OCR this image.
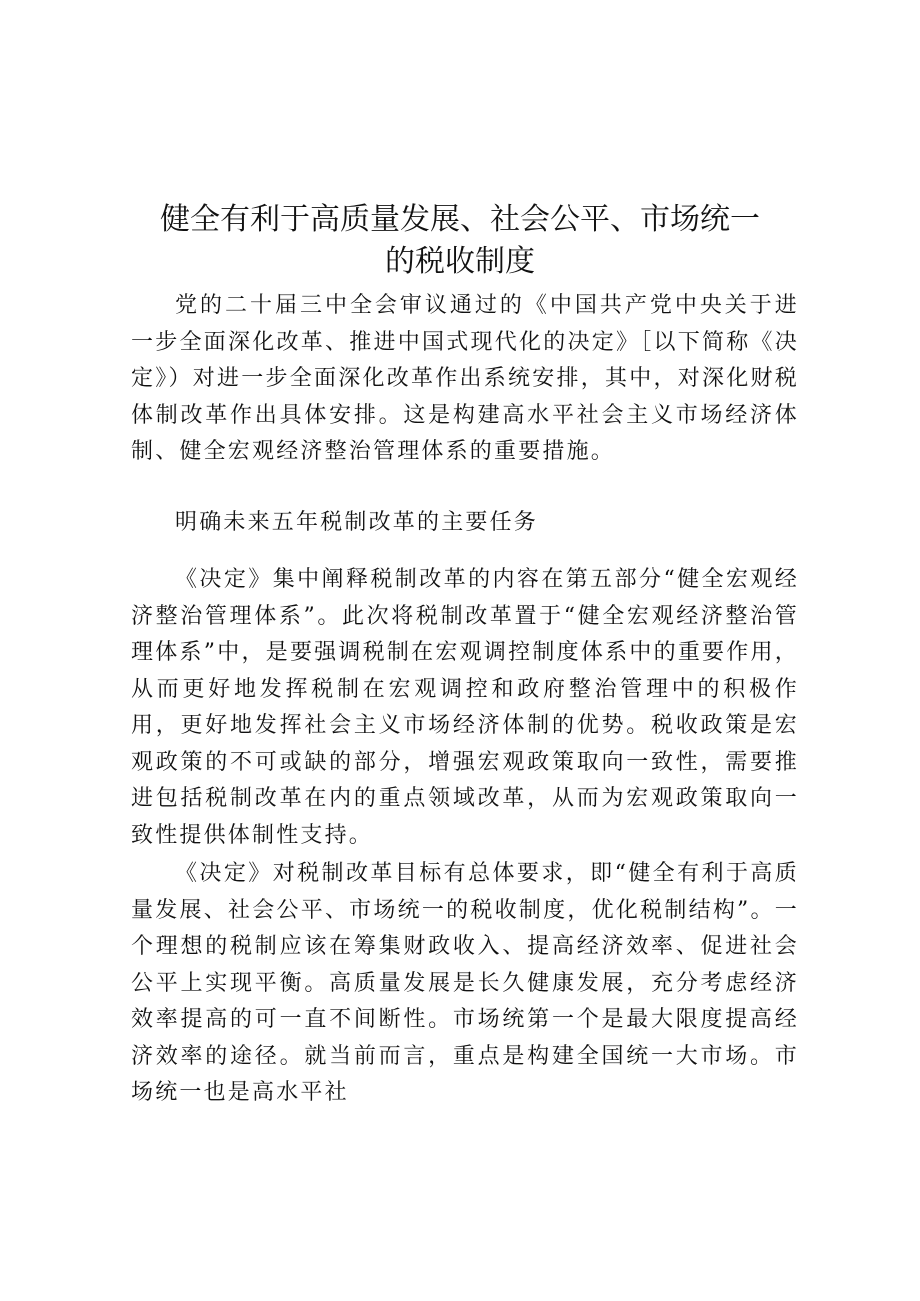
健全有利于高质量发展、社会公平、市场统一
的税收制度

党的二十届三中全会审议通过的《中国共产党中央关于进一步全面深化改革、推进中国式现代化的决定》［以下简称《决定》）对进一步全面深化改革作出系统安排，其中，对深化财税体制改革作出具体安排。这是构建高水平社会主义市场经济体制、健全宏观经济整治管理体系的重要措施。

明确未来五年税制改革的主要任务

《决定》集中阐释税制改革的内容在第五部分“健全宏观经济整治管理体系”。此次将税制改革置于“健全宏观经济整治管理体系”中，是要强调税制在宏观调控制度体系中的重要作用，从而更好地发挥税制在宏观调控和政府整治管理中的积极作用，更好地发挥社会主义市场经济体制的优势。税收政策是宏观政策的不可或缺的部分，增强宏观政策取向一致性，需要推进包括税制改革在内的重点领域改革，从而为宏观政策取向一致性提供体制性支持。

《决定》对税制改革目标有总体要求，即“健全有利于高质量发展、社会公平、市场统一的税收制度，优化税制结构”。一个理想的税制应该在筹集财政收入、提高经济效率、促进社会公平上实现平衡。高质量发展是长久健康发展，充分考虑经济效率提高的可一直不间断性。市场统第一个是最大限度提高经济效率的途径。就当前而言，重点是构建全国统一大市场。市场统一也是高水平社
